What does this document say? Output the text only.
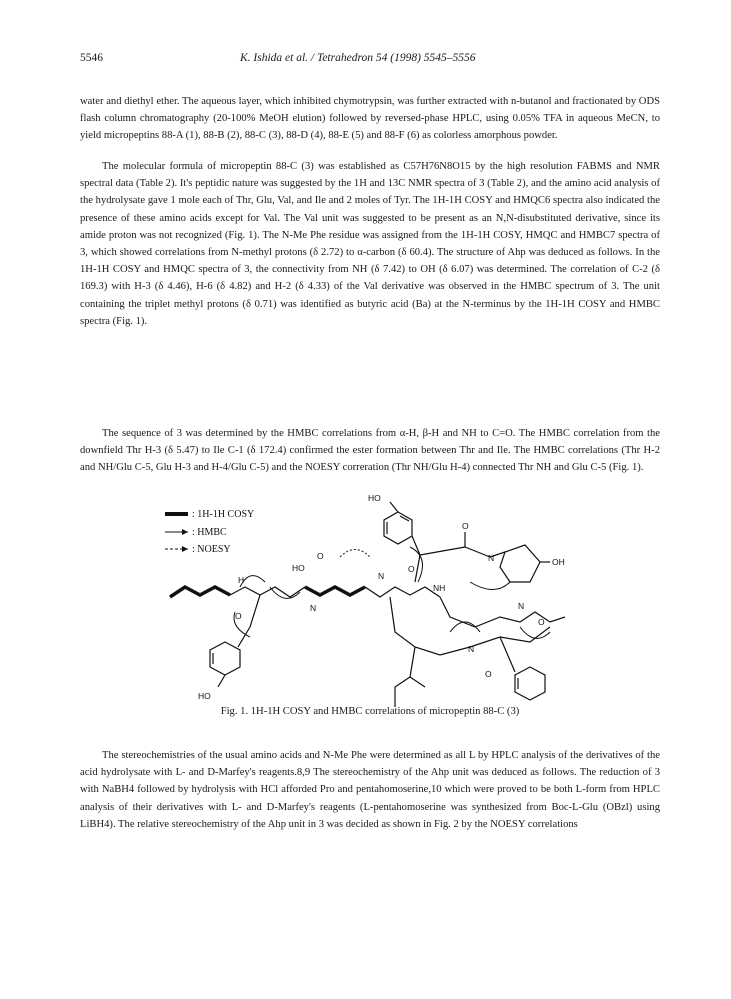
5546	K. Ishida et al. / Tetrahedron 54 (1998) 5545–5556

water and diethyl ether. The aqueous layer, which inhibited chymotrypsin, was further extracted with n-butanol and fractionated by ODS flash column chromatography (20-100% MeOH elution) followed by reversed-phase HPLC, using 0.05% TFA in aqueous MeCN, to yield micropeptins 88-A (1), 88-B (2), 88-C (3), 88-D (4), 88-E (5) and 88-F (6) as colorless amorphous powder.

The molecular formula of micropeptin 88-C (3) was established as C57H76N8O15 by the high resolution FABMS and NMR spectral data (Table 2). It's peptidic nature was suggested by the 1H and 13C NMR spectra of 3 (Table 2), and the amino acid analysis of the hydrolysate gave 1 mole each of Thr, Glu, Val, and Ile and 2 moles of Tyr. The 1H-1H COSY and HMQC6 spectra also indicated the presence of these amino acids except for Val. The Val unit was suggested to be present as an N,N-disubstituted derivative, since its amide proton was not recognized (Fig. 1). The N-Me Phe residue was assigned from the 1H-1H COSY, HMQC and HMBC7 spectra of 3, which showed correlations from N-methyl protons (δ 2.72) to α-carbon (δ 60.4). The structure of Ahp was deduced as follows. In the 1H-1H COSY and HMQC spectra of 3, the connectivity from NH (δ 7.42) to OH (δ 6.07) was determined. The correlation of C-2 (δ 169.3) with H-3 (δ 4.46), H-6 (δ 4.82) and H-2 (δ 4.33) of the Val derivative was observed in the HMBC spectrum of 3. The unit containing the triplet methyl protons (δ 0.71) was identified as butyric acid (Ba) at the N-terminus by the 1H-1H COSY and HMBC spectra (Fig. 1).

The sequence of 3 was determined by the HMBC correlations from α-H, β-H and NH to C=O. The HMBC correlation from the downfield Thr H-3 (δ 5.47) to Ile C-1 (δ 172.4) confirmed the ester formation between Thr and Ile. The HMBC correlations (Thr H-2 and NH/Glu C-5, Glu H-3 and H-4/Glu C-5) and the NOESY correration (Thr NH/Glu H-4) connected Thr NH and Glu C-5 (Fig. 1).

: 1H-1H COSY
: HMBC
: NOESY
HO
OH
N
O
H
O
N
HO
O
N
NH
O
N
O
N
O
HO
Fig. 1. 1H-1H COSY and HMBC correlations of micropeptin 88-C (3)

The stereochemistries of the usual amino acids and N-Me Phe were determined as all L by HPLC analysis of the derivatives of the acid hydrolysate with L- and D-Marfey's reagents.8,9 The stereochemistry of the Ahp unit was deduced as follows. The reduction of 3 with NaBH4 followed by hydrolysis with HCl afforded Pro and pentahomoserine,10 which were proved to be both L-form from HPLC analysis of their derivatives with L- and D-Marfey's reagents (L-pentahomoserine was synthesized from Boc-L-Glu (OBzl) using LiBH4). The relative stereochemistry of the Ahp unit in 3 was decided as shown in Fig. 2 by the NOESY correlations
